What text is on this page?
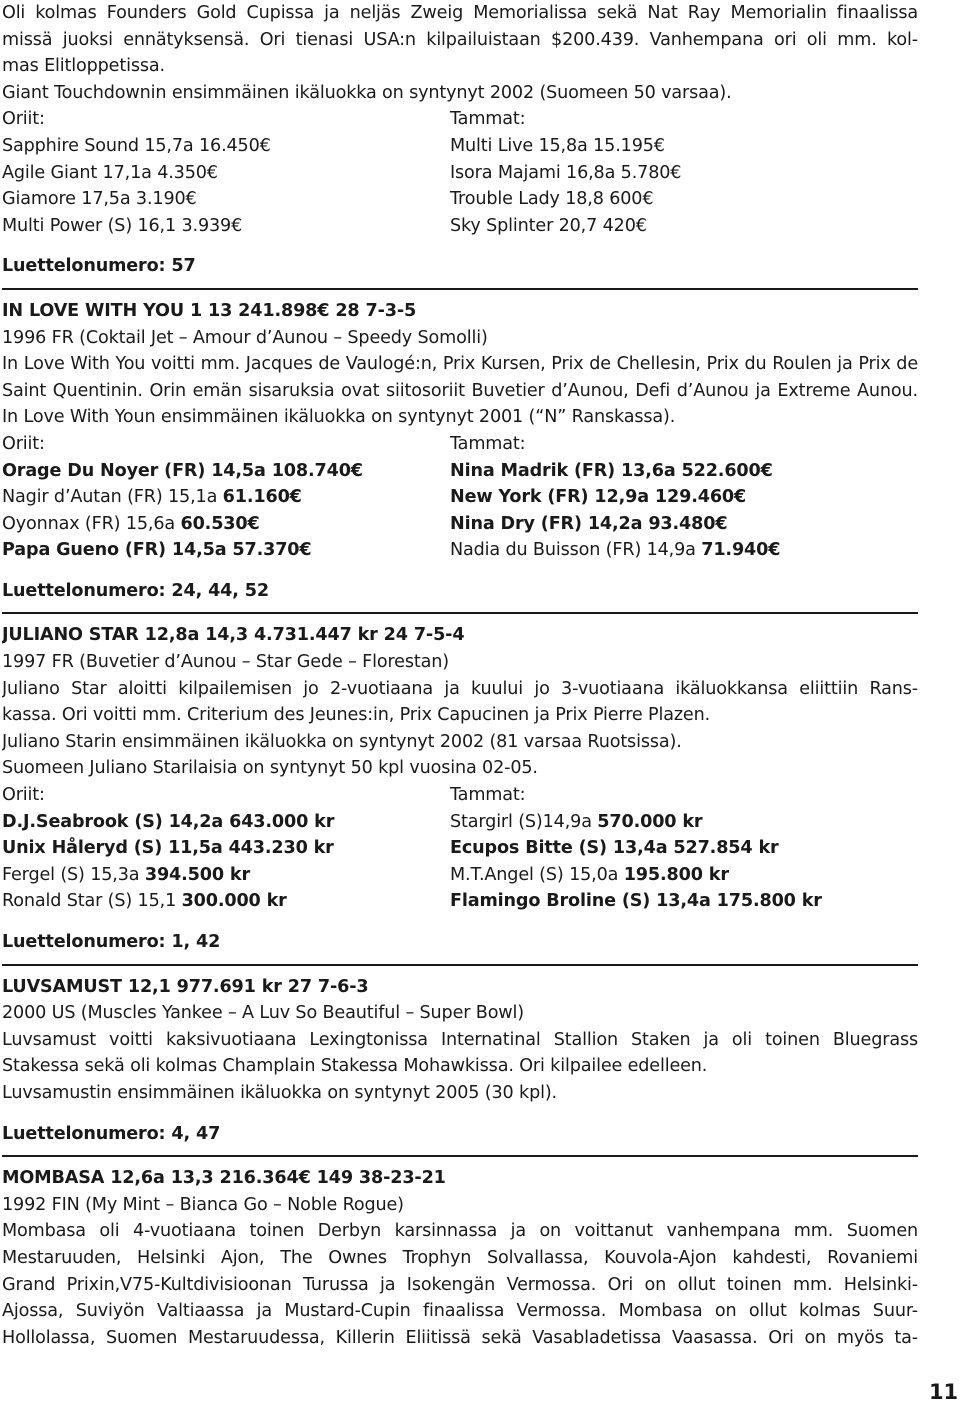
Oli kolmas Founders Gold Cupissa ja neljäs Zweig Memorialissa sekä Nat Ray Memorialin finaalissa
missä juoksi ennätyksensä. Ori tienasi USA:n kilpailuistaan $200.439. Vanhempana ori oli mm. kol-
mas Elitloppetissa.
Giant Touchdownin ensimmäinen ikäluokka on syntynyt 2002 (Suomeen 50 varsaa).
Oriit:	Tammat:
Sapphire Sound 15,7a 16.450€	Multi Live 15,8a 15.195€
Agile Giant 17,1a 4.350€	Isora Majami 16,8a 5.780€
Giamore 17,5a 3.190€	Trouble Lady 18,8 600€
Multi Power (S) 16,1 3.939€	Sky Splinter 20,7 420€
Luettelonumero: 57
IN LOVE WITH YOU 1 13 241.898€ 28 7-3-5
1996 FR (Coktail Jet – Amour d’Aunou – Speedy Somolli)
In Love With You voitti mm. Jacques de Vaulogé:n, Prix Kursen, Prix de Chellesin, Prix du Roulen ja Prix de
Saint Quentinin. Orin emän sisaruksia ovat siitosoriit Buvetier d’Aunou, Defi d’Aunou ja Extreme Aunou.
In Love With Youn ensimmäinen ikäluokka on syntynyt 2001 (“N” Ranskassa).
Oriit:	Tammat:
Orage Du Noyer (FR) 14,5a 108.740€	Nina Madrik (FR) 13,6a 522.600€
Nagir d’Autan (FR) 15,1a 61.160€	New York (FR) 12,9a 129.460€
Oyonnax (FR) 15,6a 60.530€	Nina Dry (FR) 14,2a 93.480€
Papa Gueno (FR) 14,5a 57.370€	Nadia du Buisson (FR) 14,9a 71.940€
Luettelonumero: 24, 44, 52
JULIANO STAR 12,8a 14,3 4.731.447 kr 24 7-5-4
1997 FR (Buvetier d’Aunou – Star Gede – Florestan)
Juliano Star aloitti kilpailemisen jo 2-vuotiaana ja kuului jo 3-vuotiaana ikäluokkansa eliittiin Rans-
kassa. Ori voitti mm. Criterium des Jeunes:in, Prix Capucinen ja Prix Pierre Plazen.
Juliano Starin ensimmäinen ikäluokka on syntynyt 2002 (81 varsaa Ruotsissa).
Suomeen Juliano Starilaisia on syntynyt 50 kpl vuosina 02-05.
Oriit:	Tammat:
D.J.Seabrook (S) 14,2a 643.000 kr	Stargirl (S)14,9a 570.000 kr
Unix Håleryd (S) 11,5a 443.230 kr	Ecupos Bitte (S) 13,4a 527.854 kr
Fergel (S) 15,3a 394.500 kr	M.T.Angel (S) 15,0a 195.800 kr
Ronald Star (S) 15,1 300.000 kr	Flamingo Broline (S) 13,4a 175.800 kr
Luettelonumero: 1, 42
LUVSAMUST 12,1 977.691 kr 27 7-6-3
2000 US (Muscles Yankee – A Luv So Beautiful – Super Bowl)
Luvsamust voitti kaksivuotiaana Lexingtonissa Internatinal Stallion Staken ja oli toinen Bluegrass
Stakessa sekä oli kolmas Champlain Stakessa Mohawkissa. Ori kilpailee edelleen.
Luvsamustin ensimmäinen ikäluokka on syntynyt 2005 (30 kpl).
Luettelonumero: 4, 47
MOMBASA 12,6a 13,3 216.364€ 149 38-23-21
1992 FIN (My Mint – Bianca Go – Noble Rogue)
Mombasa oli 4-vuotiaana toinen Derbyn karsinnassa ja on voittanut vanhempana mm. Suomen
Mestaruuden, Helsinki Ajon, The Ownes Trophyn Solvallassa, Kouvola-Ajon kahdesti, Rovaniemi
Grand Prixin,V75-Kultdivisioonan Turussa ja Isokengän Vermossa. Ori on ollut toinen mm. Helsinki-
Ajossa, Suviyön Valtiaassa ja Mustard-Cupin finaalissa Vermossa. Mombasa on ollut kolmas Suur-
Hollolassa, Suomen Mestaruudessa, Killerin Eliitissä sekä Vasabladetissa Vaasassa. Ori on myös ta-
11
